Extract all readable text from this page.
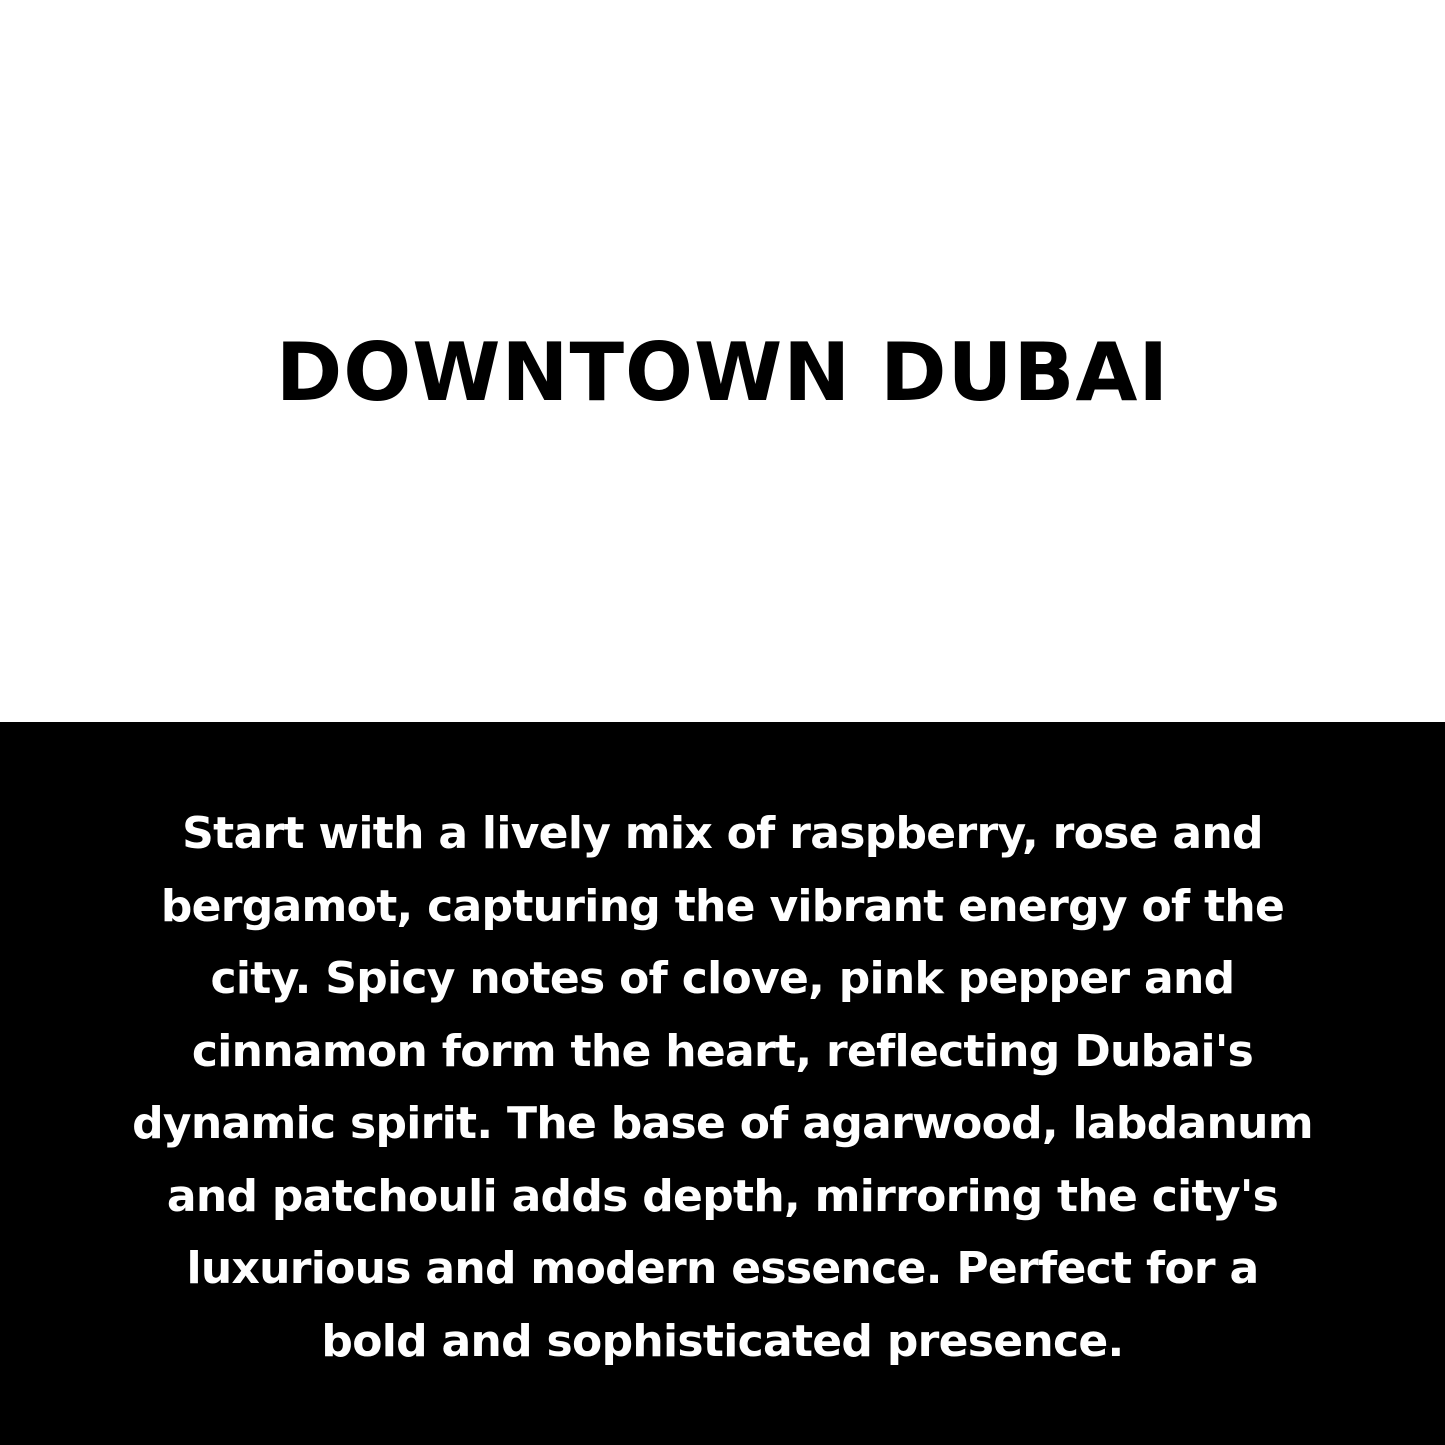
DOWNTOWN DUBAI

Start with a lively mix of raspberry, rose and
bergamot, capturing the vibrant energy of the
city. Spicy notes of clove, pink pepper and
cinnamon form the heart, reflecting Dubai's
dynamic spirit. The base of agarwood, labdanum
and patchouli adds depth, mirroring the city's
luxurious and modern essence. Perfect for a
bold and sophisticated presence.
